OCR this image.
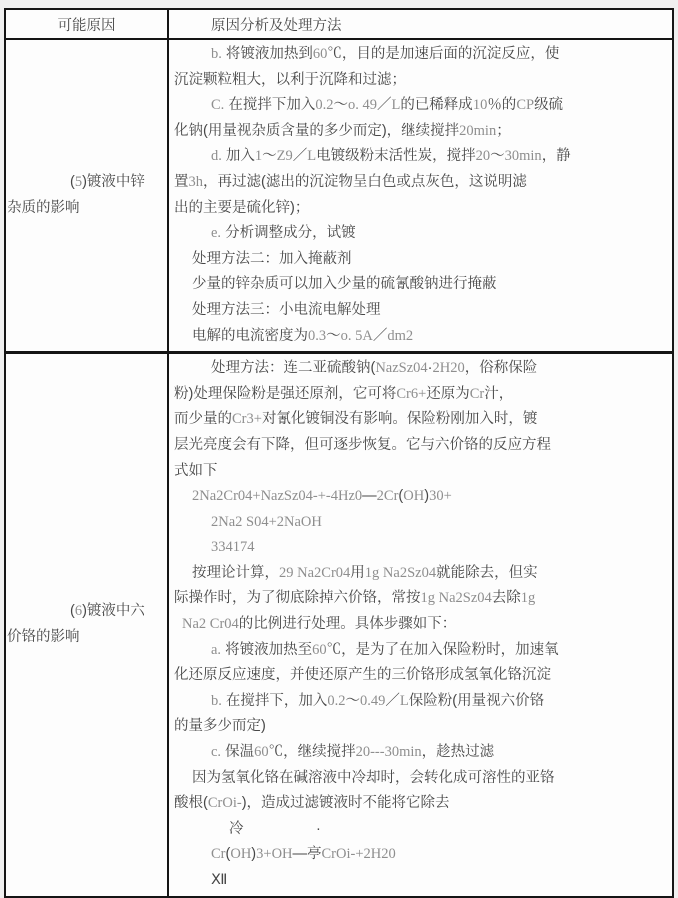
可能原因	原因分析及处理方法
(5)镀液中锌
杂质的影响
b. 将镀液加热到60℃，目的是加速后面的沉淀反应，使
沉淀颗粒粗大，以利于沉降和过滤；
C. 在搅拌下加入0.2～o. 49／L的已稀释成10％的CP级硫
化钠(用量视杂质含量的多少而定)，继续搅拌20min；
d. 加入1～Z9／L电镀级粉末活性炭，搅拌20～30min，静
置3h，再过滤(滤出的沉淀物呈白色或点灰色，这说明滤
出的主要是硫化锌)；
e. 分析调整成分，试镀
处理方法二：加入掩蔽剂
少量的锌杂质可以加入少量的硫氰酸钠进行掩蔽
处理方法三：小电流电解处理
电解的电流密度为0.3～o. 5A／dm2
(6)镀液中六
价铬的影响
处理方法：连二亚硫酸钠(NazSz04·2H20，俗称保险
粉)处理保险粉是强还原剂，它可将Cr6+还原为Cr汁，
而少量的Cr3+对氰化镀铜没有影响。保险粉刚加入时，镀
层光亮度会有下降，但可逐步恢复。它与六价铬的反应方程
式如下
2Na2Cr04+NazSz04-+-4Hz0—2Cr(OH)30+
2Na2 S04+2NaOH
334174
按理论计算，29 Na2Cr04用1g Na2Sz04就能除去，但实
际操作时，为了彻底除掉六价铬，常按1g Na2Sz04去除1g
Na2 Cr04的比例进行处理。具体步骤如下：
a. 将镀液加热至60℃，是为了在加入保险粉时，加速氧
化还原反应速度，并使还原产生的三价铬形成氢氧化铬沉淀
b. 在搅拌下，加入0.2～0.49／L保险粉(用量视六价铬
的量多少而定)
c. 保温60℃，继续搅拌20---30min，趁热过滤
因为氢氧化铬在碱溶液中冷却时，会转化成可溶性的亚铬
酸根(CrOi-)，造成过滤镀液时不能将它除去
冷　　　　　·
Cr(OH)3+OH—亭CrOi-+2H20
Ⅻ
